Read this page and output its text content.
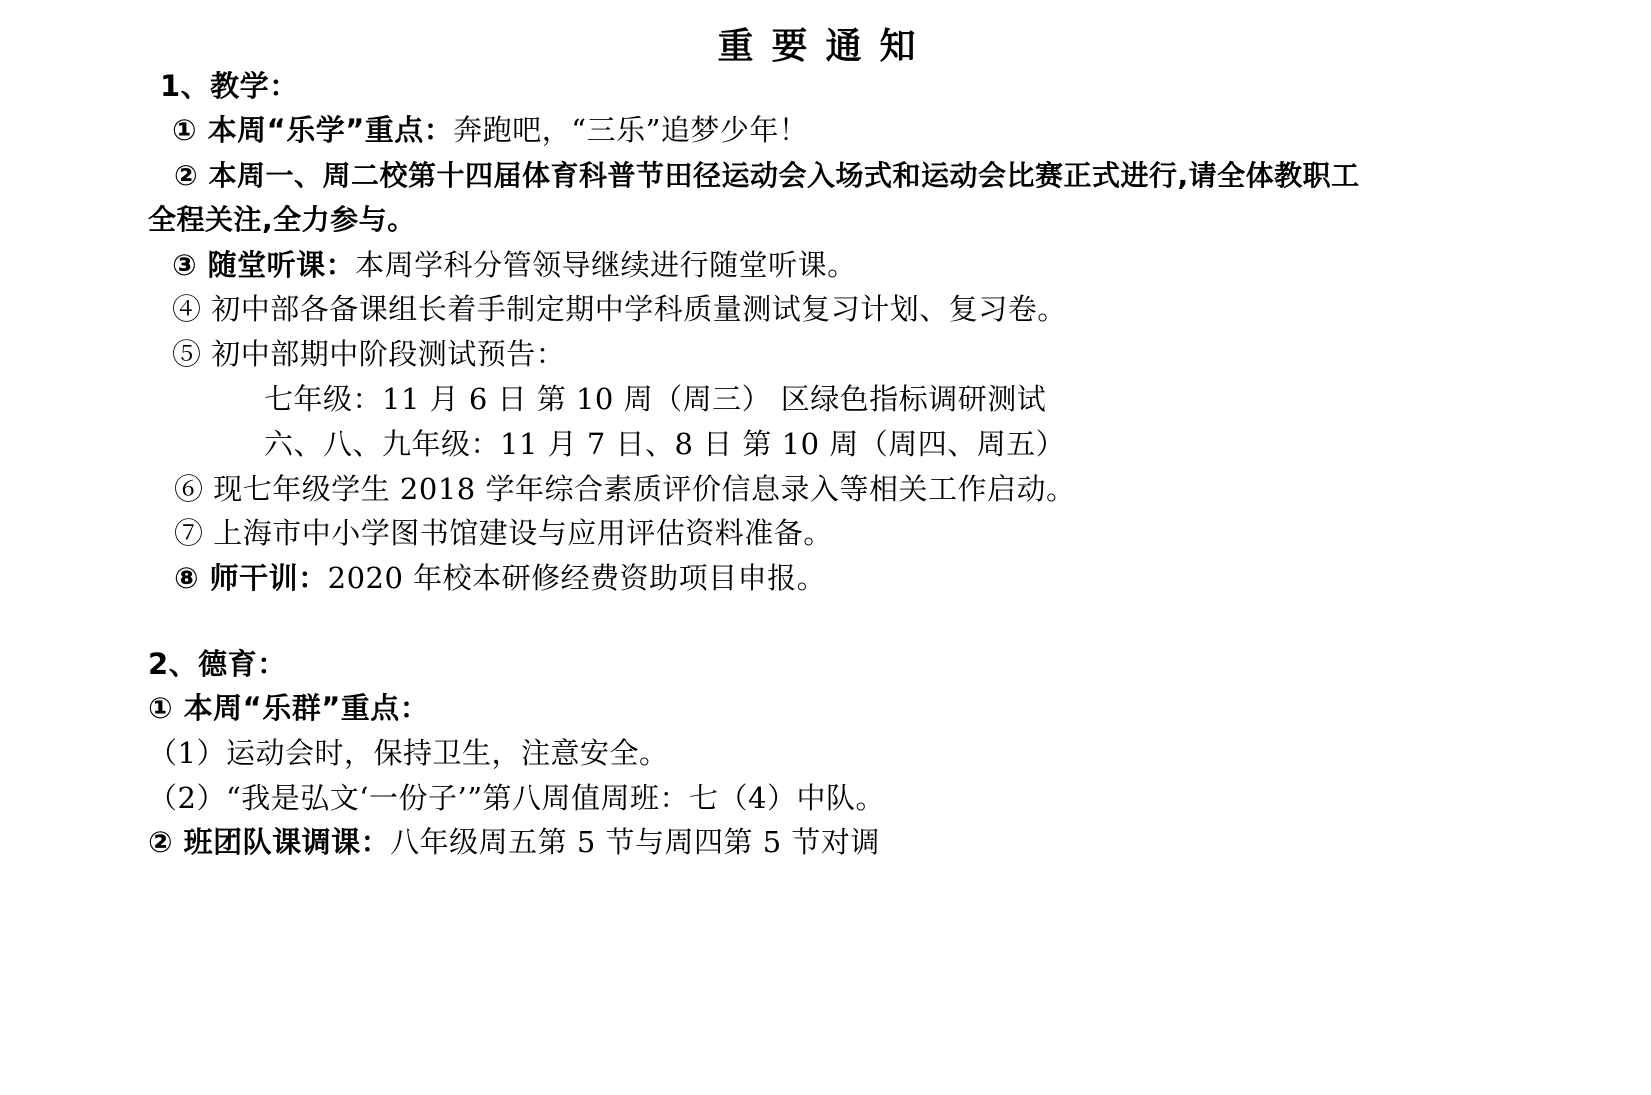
重要通知
1、教学：
① 本周“乐学”重点：奔跑吧，“三乐”追梦少年！
② 本周一、周二校第十四届体育科普节田径运动会入场式和运动会比赛正式进行,请全体教职工
全程关注,全力参与。
③ 随堂听课：本周学科分管领导继续进行随堂听课。
④ 初中部各备课组长着手制定期中学科质量测试复习计划、复习卷。
⑤ 初中部期中阶段测试预告：
七年级：11 月 6 日 第 10 周（周三） 区绿色指标调研测试
六、八、九年级：11 月 7 日、8 日 第 10 周（周四、周五）
⑥ 现七年级学生 2018 学年综合素质评价信息录入等相关工作启动。
⑦ 上海市中小学图书馆建设与应用评估资料准备。
⑧ 师干训：2020 年校本研修经费资助项目申报。
2、德育：
① 本周“乐群”重点：
（1）运动会时，保持卫生，注意安全。
（2）“我是弘文‘一份子’”第八周值周班：七（4）中队。
② 班团队课调课：八年级周五第 5 节与周四第 5 节对调
